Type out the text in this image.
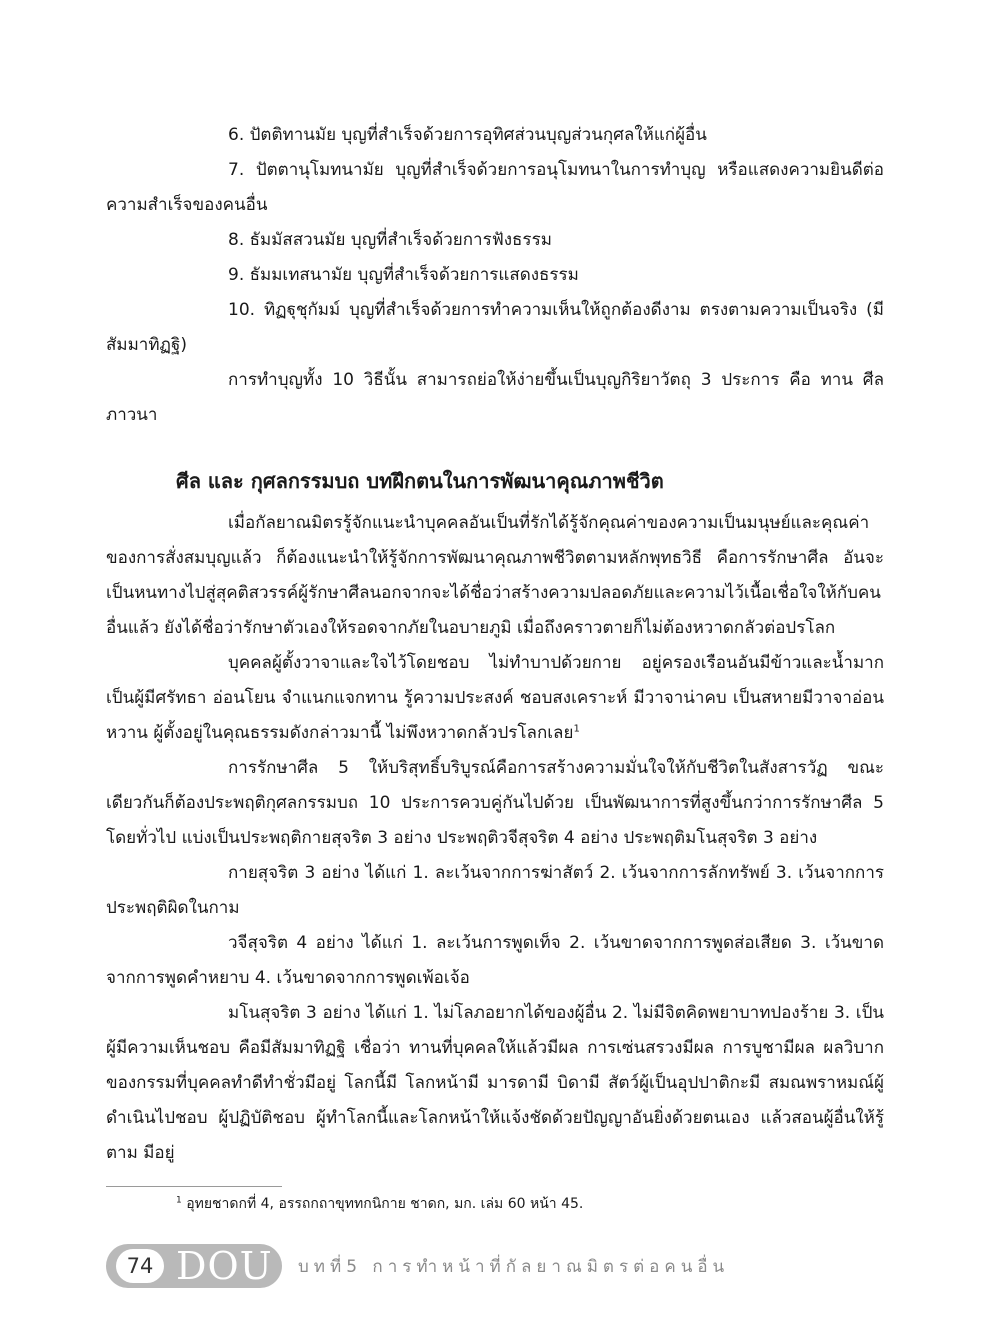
6. ปัตติทานมัย บุญที่สำเร็จด้วยการอุทิศส่วนบุญส่วนกุศลให้แก่ผู้อื่น

7. ปัตตานุโมทนามัย บุญที่สำเร็จด้วยการอนุโมทนาในการทำบุญ หรือแสดงความยินดีต่อความสำเร็จของคนอื่น

8. ธัมมัสสวนมัย บุญที่สำเร็จด้วยการฟังธรรม

9. ธัมมเทสนามัย บุญที่สำเร็จด้วยการแสดงธรรม

10. ทิฏฐุชุกัมม์ บุญที่สำเร็จด้วยการทำความเห็นให้ถูกต้องดีงาม ตรงตามความเป็นจริง (มีสัมมาทิฏฐิ)

การทำบุญทั้ง 10 วิธีนั้น สามารถย่อให้ง่ายขึ้นเป็นบุญกิริยาวัตถุ 3 ประการ คือ ทาน ศีล ภาวนา

ศีล และ กุศลกรรมบถ บทฝึกตนในการพัฒนาคุณภาพชีวิต

เมื่อกัลยาณมิตรรู้จักแนะนำบุคคลอันเป็นที่รักได้รู้จักคุณค่าของความเป็นมนุษย์และคุณค่าของการสั่งสมบุญแล้ว ก็ต้องแนะนำให้รู้จักการพัฒนาคุณภาพชีวิตตามหลักพุทธวิธี คือการรักษาศีล อันจะเป็นหนทางไปสู่สุคติสวรรค์ผู้รักษาศีลนอกจากจะได้ชื่อว่าสร้างความปลอดภัยและความไว้เนื้อเชื่อใจให้กับคนอื่นแล้ว ยังได้ชื่อว่ารักษาตัวเองให้รอดจากภัยในอบายภูมิ เมื่อถึงคราวตายก็ไม่ต้องหวาดกลัวต่อปรโลก

บุคคลผู้ตั้งวาจาและใจไว้โดยชอบ ไม่ทำบาปด้วยกาย อยู่ครองเรือนอันมีข้าวและน้ำมาก เป็นผู้มีศรัทธา อ่อนโยน จำแนกแจกทาน รู้ความประสงค์ ชอบสงเคราะห์ มีวาจาน่าคบ เป็นสหายมีวาจาอ่อนหวาน ผู้ตั้งอยู่ในคุณธรรมดังกล่าวมานี้ ไม่พึงหวาดกลัวปรโลกเลย$^1$

การรักษาศีล 5 ให้บริสุทธิ์บริบูรณ์คือการสร้างความมั่นใจให้กับชีวิตในสังสารวัฏ ขณะเดียวกันก็ต้องประพฤติกุศลกรรมบถ 10 ประการควบคู่กันไปด้วย เป็นพัฒนาการที่สูงขึ้นกว่าการรักษาศีล 5 โดยทั่วไป แบ่งเป็นประพฤติกายสุจริต 3 อย่าง ประพฤติวจีสุจริต 4 อย่าง ประพฤติมโนสุจริต 3 อย่าง

กายสุจริต 3 อย่าง ได้แก่ 1. ละเว้นจากการฆ่าสัตว์ 2. เว้นจากการลักทรัพย์ 3. เว้นจากการประพฤติผิดในกาม

วจีสุจริต 4 อย่าง ได้แก่ 1. ละเว้นการพูดเท็จ 2. เว้นขาดจากการพูดส่อเสียด 3. เว้นขาดจากการพูดคำหยาบ 4. เว้นขาดจากการพูดเพ้อเจ้อ

มโนสุจริต 3 อย่าง ได้แก่ 1. ไม่โลภอยากได้ของผู้อื่น 2. ไม่มีจิตคิดพยาบาทปองร้าย 3. เป็นผู้มีความเห็นชอบ คือมีสัมมาทิฏฐิ เชื่อว่า ทานที่บุคคลให้แล้วมีผล การเซ่นสรวงมีผล การบูชามีผล ผลวิบากของกรรมที่บุคคลทำดีทำชั่วมีอยู่ โลกนี้มี โลกหน้ามี มารดามี บิดามี สัตว์ผู้เป็นอุปปาติกะมี สมณพราหมณ์ผู้ดำเนินไปชอบ ผู้ปฏิบัติชอบ ผู้ทำโลกนี้และโลกหน้าให้แจ้งชัดด้วยปัญญาอันยิ่งด้วยตนเอง แล้วสอนผู้อื่นให้รู้ตาม มีอยู่

$^1$ อุทยชาดกที่ 4, อรรถกถาขุททกนิกาย ชาดก, มก. เล่ม 60 หน้า 45.
74 DOU บทที่5 การทำหน้าที่กัลยาณมิตรต่อคนอื่น
